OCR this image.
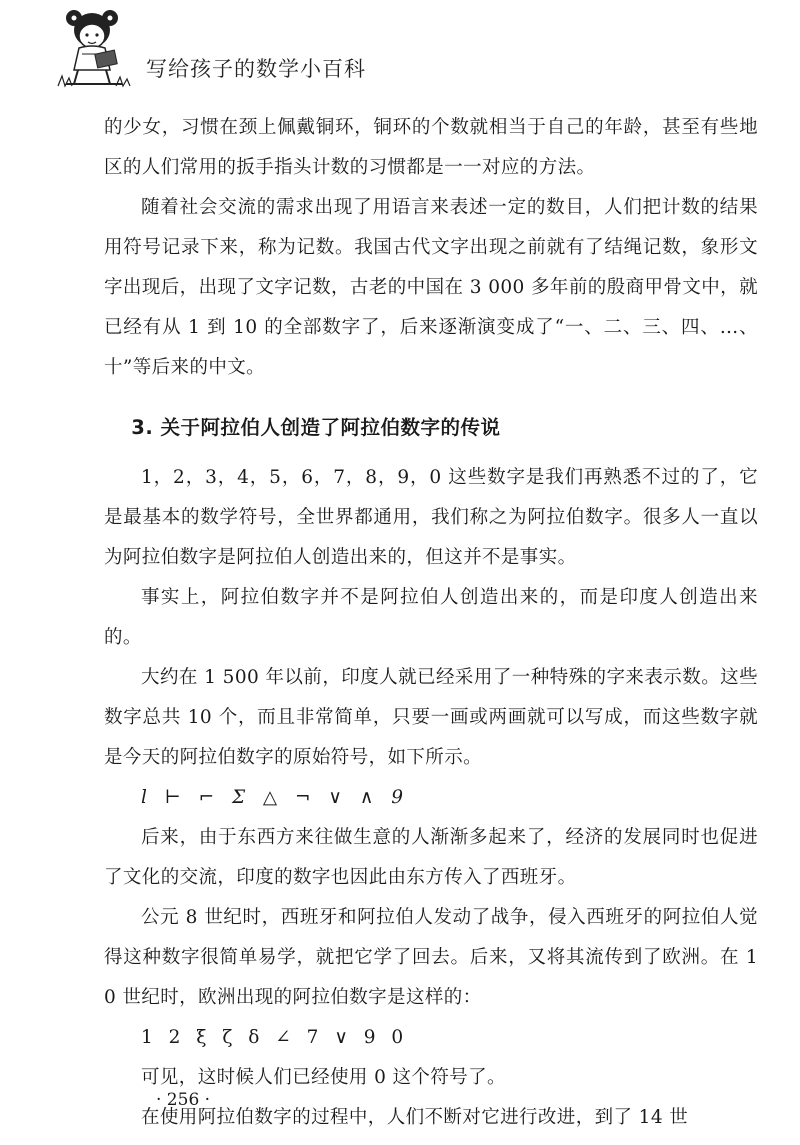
写给孩子的数学小百科

的少女，习惯在颈上佩戴铜环，铜环的个数就相当于自己的年龄，甚至有些地区的人们常用的扳手指头计数的习惯都是一一对应的方法。

随着社会交流的需求出现了用语言来表述一定的数目，人们把计数的结果用符号记录下来，称为记数。我国古代文字出现之前就有了结绳记数，象形文字出现后，出现了文字记数，古老的中国在 3 000 多年前的殷商甲骨文中，就已经有从 1 到 10 的全部数字了，后来逐渐演变成了“一、二、三、四、…、十”等后来的中文。

3. 关于阿拉伯人创造了阿拉伯数字的传说

1，2，3，4，5，6，7，8，9，0 这些数字是我们再熟悉不过的了，它是最基本的数学符号，全世界都通用，我们称之为阿拉伯数字。很多人一直以为阿拉伯数字是阿拉伯人创造出来的，但这并不是事实。

事实上，阿拉伯数字并不是阿拉伯人创造出来的，而是印度人创造出来的。

大约在 1 500 年以前，印度人就已经采用了一种特殊的字来表示数。这些数字总共 10 个，而且非常简单，只要一画或两画就可以写成，而这些数字就是今天的阿拉伯数字的原始符号，如下所示。

l ⊢ ⌐ Σ △ ¬ ∨ ∧ 9

后来，由于东西方来往做生意的人渐渐多起来了，经济的发展同时也促进了文化的交流，印度的数字也因此由东方传入了西班牙。

公元 8 世纪时，西班牙和阿拉伯人发动了战争，侵入西班牙的阿拉伯人觉得这种数字很简单易学，就把它学了回去。后来，又将其流传到了欧洲。在 10 世纪时，欧洲出现的阿拉伯数字是这样的：

1 2 ξ ζ δ ∠ 7 ∨ 9 0

可见，这时候人们已经使用 0 这个符号了。

在使用阿拉伯数字的过程中，人们不断对它进行改进，到了 14 世

· 256 ·
